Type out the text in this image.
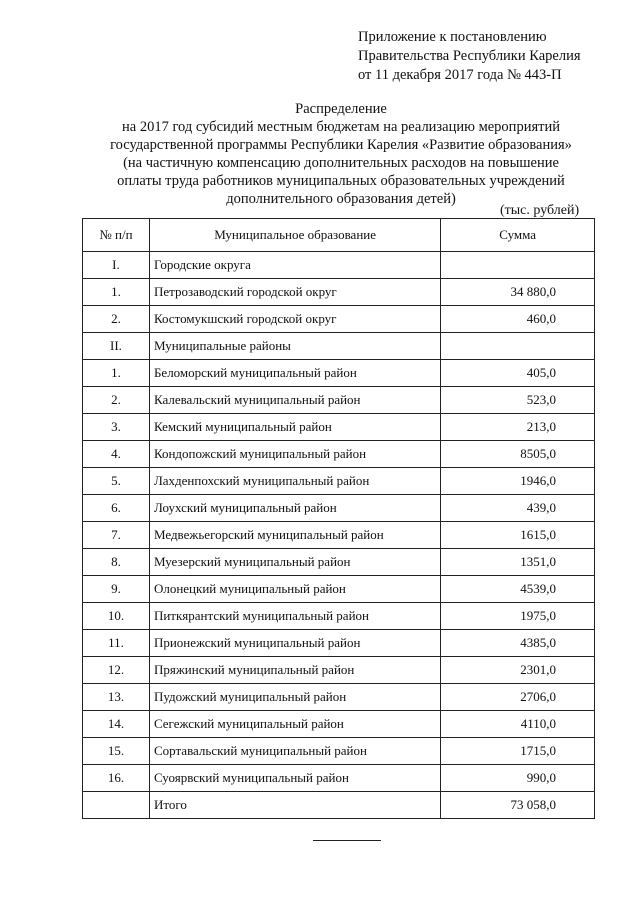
Приложение к постановлению
Правительства Республики Карелия
от 11 декабря 2017 года № 443-П
Распределение
на 2017 год субсидий местным бюджетам на реализацию мероприятий
государственной программы Республики Карелия «Развитие образования»
(на частичную компенсацию дополнительных расходов на повышение
оплаты труда работников муниципальных образовательных учреждений
дополнительного образования детей)
(тыс. рублей)
№ п/п	Муниципальное образование	Сумма
I.	Городские округа	
1.	Петрозаводский городской округ	34 880,0
2.	Костомукшский городской округ	460,0
II.	Муниципальные районы	
1.	Беломорский муниципальный район	405,0
2.	Калевальский муниципальный район	523,0
3.	Кемский муниципальный район	213,0
4.	Кондопожский муниципальный район	8505,0
5.	Лахденпохский муниципальный район	1946,0
6.	Лоухский муниципальный район	439,0
7.	Медвежьегорский муниципальный район	1615,0
8.	Муезерский муниципальный район	1351,0
9.	Олонецкий муниципальный район	4539,0
10.	Питкярантский муниципальный район	1975,0
11.	Прионежский муниципальный район	4385,0
12.	Пряжинский муниципальный район	2301,0
13.	Пудожский муниципальный район	2706,0
14.	Сегежский муниципальный район	4110,0
15.	Сортавальский муниципальный район	1715,0
16.	Суоярвский муниципальный район	990,0
	Итого	73 058,0
